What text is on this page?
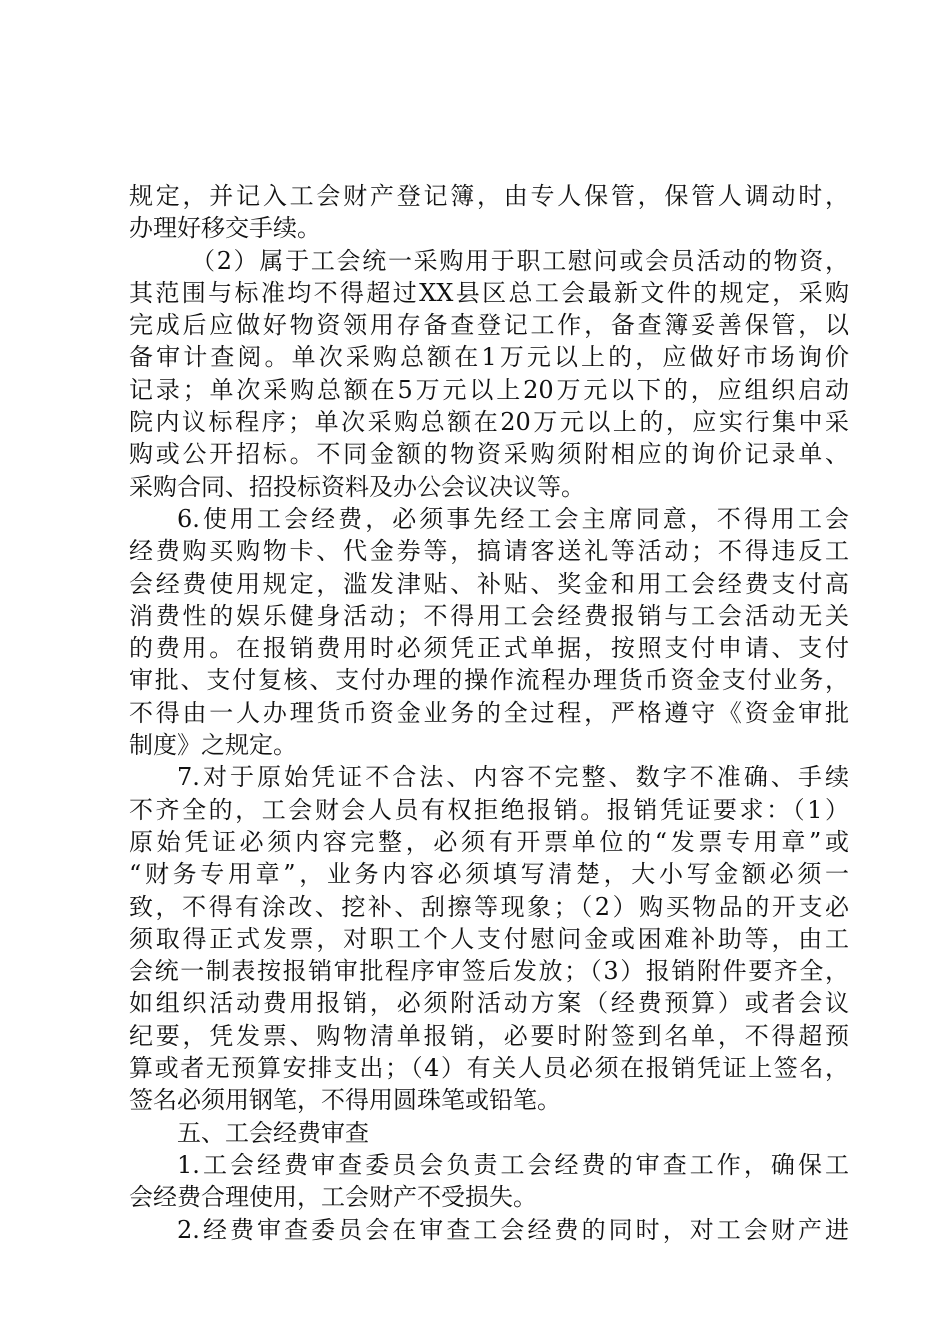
规定，并记入工会财产登记簿，由专人保管，保管人调动时，
办理好移交手续。
（2）属于工会统一采购用于职工慰问或会员活动的物资，
其范围与标准均不得超过XX县区总工会最新文件的规定，采购
完成后应做好物资领用存备查登记工作，备查簿妥善保管，以
备审计查阅。单次采购总额在1万元以上的，应做好市场询价
记录；单次采购总额在5万元以上20万元以下的，应组织启动
院内议标程序；单次采购总额在20万元以上的，应实行集中采
购或公开招标。不同金额的物资采购须附相应的询价记录单、
采购合同、招投标资料及办公会议决议等。
6.使用工会经费，必须事先经工会主席同意，不得用工会
经费购买购物卡、代金券等，搞请客送礼等活动；不得违反工
会经费使用规定，滥发津贴、补贴、奖金和用工会经费支付高
消费性的娱乐健身活动；不得用工会经费报销与工会活动无关
的费用。在报销费用时必须凭正式单据，按照支付申请、支付
审批、支付复核、支付办理的操作流程办理货币资金支付业务，
不得由一人办理货币资金业务的全过程，严格遵守《资金审批
制度》之规定。
7.对于原始凭证不合法、内容不完整、数字不准确、手续
不齐全的，工会财会人员有权拒绝报销。报销凭证要求：（1）
原始凭证必须内容完整，必须有开票单位的“发票专用章”或
“财务专用章”，业务内容必须填写清楚，大小写金额必须一
致，不得有涂改、挖补、刮擦等现象；（2）购买物品的开支必
须取得正式发票，对职工个人支付慰问金或困难补助等，由工
会统一制表按报销审批程序审签后发放；（3）报销附件要齐全，
如组织活动费用报销，必须附活动方案（经费预算）或者会议
纪要，凭发票、购物清单报销，必要时附签到名单，不得超预
算或者无预算安排支出；（4）有关人员必须在报销凭证上签名，
签名必须用钢笔，不得用圆珠笔或铅笔。
五、工会经费审查
1.工会经费审查委员会负责工会经费的审查工作，确保工
会经费合理使用，工会财产不受损失。
2.经费审查委员会在审查工会经费的同时，对工会财产进
